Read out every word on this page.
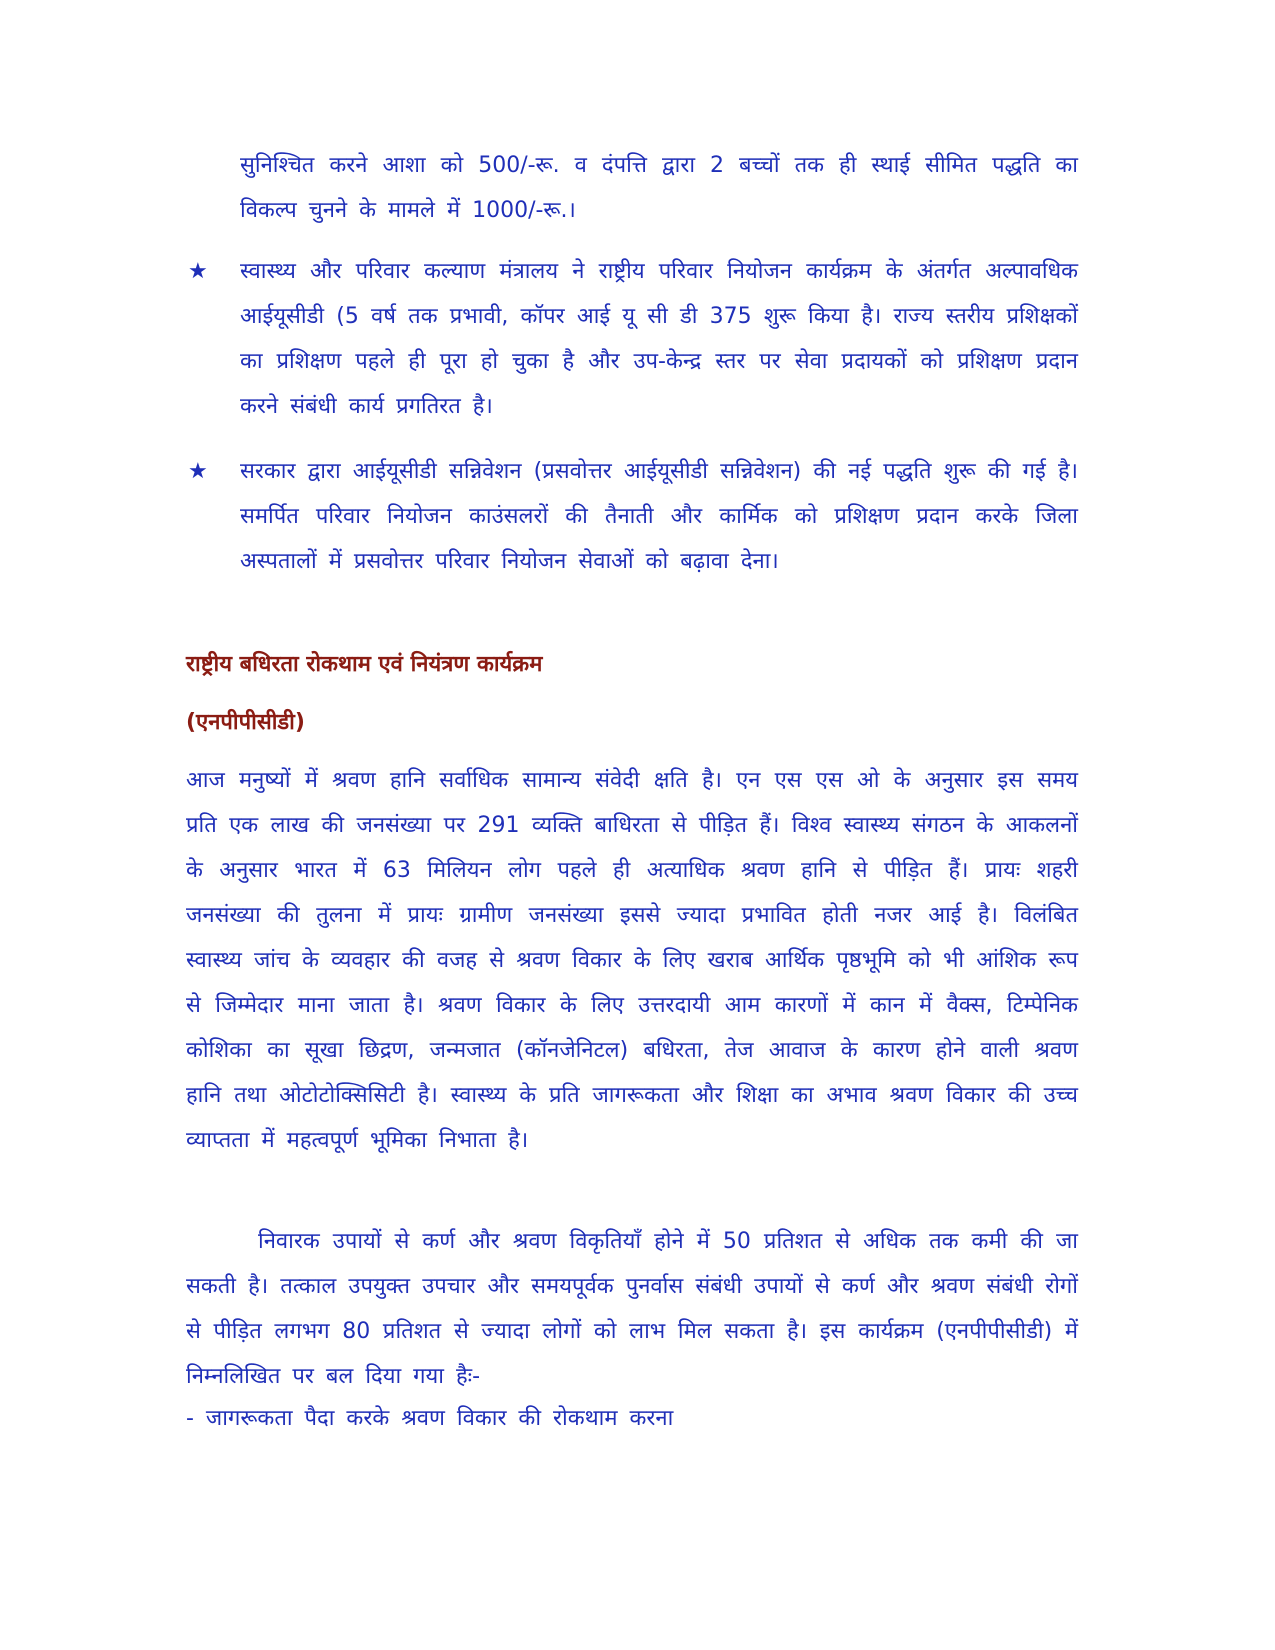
सुनिश्चित करने आशा को 500/-रू. व दंपत्ति द्वारा 2 बच्चों तक ही स्थाई सीमित पद्धति का विकल्प चुनने के मामले में 1000/-रू.।

★	स्वास्थ्य और परिवार कल्याण मंत्रालय ने राष्ट्रीय परिवार नियोजन कार्यक्रम के अंतर्गत अल्पावधिक आईयूसीडी (5 वर्ष तक प्रभावी, कॉपर आई यू सी डी 375 शुरू किया है। राज्य स्तरीय प्रशिक्षकों का प्रशिक्षण पहले ही पूरा हो चुका है और उप-केन्द्र स्तर पर सेवा प्रदायकों को प्रशिक्षण प्रदान करने संबंधी कार्य प्रगतिरत है।

★	सरकार द्वारा आईयूसीडी सन्निवेशन (प्रसवोत्तर आईयूसीडी सन्निवेशन) की नई पद्धति शुरू की गई है। समर्पित परिवार नियोजन काउंसलरों की तैनाती और कार्मिक को प्रशिक्षण प्रदान करके जिला अस्पतालों में प्रसवोत्तर परिवार नियोजन सेवाओं को बढ़ावा देना।

राष्ट्रीय बधिरता रोकथाम एवं नियंत्रण कार्यक्रम
(एनपीपीसीडी)

आज मनुष्यों में श्रवण हानि सर्वाधिक सामान्य संवेदी क्षति है। एन एस एस ओ के अनुसार इस समय प्रति एक लाख की जनसंख्या पर 291 व्यक्ति बाधिरता से पीड़ित हैं। विश्व स्वास्थ्य संगठन के आकलनों के अनुसार भारत में 63 मिलियन लोग पहले ही अत्याधिक श्रवण हानि से पीड़ित हैं। प्रायः शहरी जनसंख्या की तुलना में प्रायः ग्रामीण जनसंख्या इससे ज्यादा प्रभावित होती नजर आई है। विलंबित स्वास्थ्य जांच के व्यवहार की वजह से श्रवण विकार के लिए खराब आर्थिक पृष्ठभूमि को भी आंशिक रूप से जिम्मेदार माना जाता है। श्रवण विकार के लिए उत्तरदायी आम कारणों में कान में वैक्स, टिम्पेनिक कोशिका का सूखा छिद्रण, जन्मजात (कॉनजेनिटल) बधिरता, तेज आवाज के कारण होने वाली श्रवण हानि तथा ओटोटोक्सिसिटी है। स्वास्थ्य के प्रति जागरूकता और शिक्षा का अभाव श्रवण विकार की उच्च व्याप्तता में महत्वपूर्ण भूमिका निभाता है।

निवारक उपायों से कर्ण और श्रवण विकृतियाँ होने में 50 प्रतिशत से अधिक तक कमी की जा सकती है। तत्काल उपयुक्त उपचार और समयपूर्वक पुनर्वास संबंधी उपायों से कर्ण और श्रवण संबंधी रोगों से पीड़ित लगभग 80 प्रतिशत से ज्यादा लोगों को लाभ मिल सकता है। इस कार्यक्रम (एनपीपीसीडी) में निम्नलिखित पर बल दिया गया हैः-

- जागरूकता पैदा करके श्रवण विकार की रोकथाम करना
